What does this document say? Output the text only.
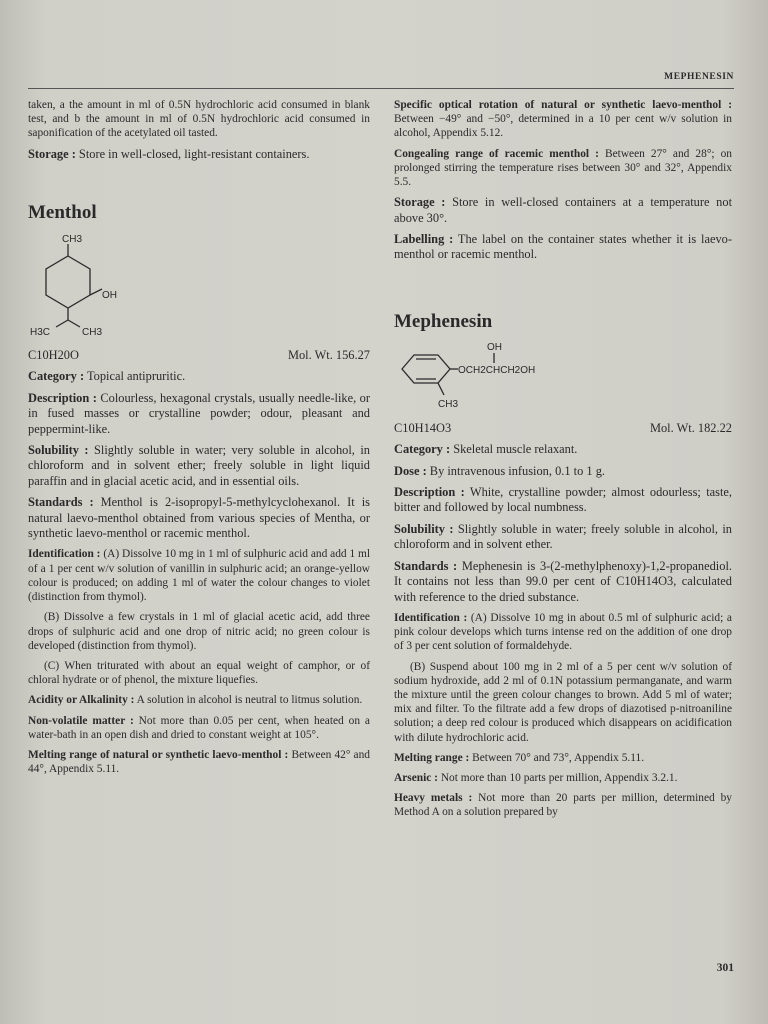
MEPHENESIN

taken, a the amount in ml of 0.5N hydrochloric acid consumed in blank test, and b the amount in ml of 0.5N hydrochloric acid consumed in saponification of the acetylated oil tasted.

Storage : Store in well-closed, light-resistant containers.

Menthol
CH3
OH
H3C	CH3
C10H20O	Mol. Wt. 156.27

Category : Topical antipruritic.

Description : Colourless, hexagonal crystals, usually needle-like, or in fused masses or crystalline powder; odour, pleasant and peppermint-like.

Solubility : Slightly soluble in water; very soluble in alcohol, in chloroform and in solvent ether; freely soluble in light liquid paraffin and in glacial acetic acid, and in essential oils.

Standards : Menthol is 2-isopropyl-5-methylcyclohexanol. It is natural laevo-menthol obtained from various species of Mentha, or synthetic laevo-menthol or racemic menthol.

Identification : (A) Dissolve 10 mg in 1 ml of sulphuric acid and add 1 ml of a 1 per cent w/v solution of vanillin in sulphuric acid; an orange-yellow colour is produced; on adding 1 ml of water the colour changes to violet (distinction from thymol).

(B) Dissolve a few crystals in 1 ml of glacial acetic acid, add three drops of sulphuric acid and one drop of nitric acid; no green colour is developed (distinction from thymol).

(C) When triturated with about an equal weight of camphor, or of chloral hydrate or of phenol, the mixture liquefies.

Acidity or Alkalinity : A solution in alcohol is neutral to litmus solution.

Non-volatile matter : Not more than 0.05 per cent, when heated on a water-bath in an open dish and dried to constant weight at 105°.

Melting range of natural or synthetic laevo-menthol : Between 42° and 44°, Appendix 5.11.

Specific optical rotation of natural or synthetic laevo-menthol : Between −49° and −50°, determined in a 10 per cent w/v solution in alcohol, Appendix 5.12.

Congealing range of racemic menthol : Between 27° and 28°; on prolonged stirring the temperature rises between 30° and 32°, Appendix 5.5.

Storage : Store in well-closed containers at a temperature not above 30°.

Labelling : The label on the container states whether it is laevo-menthol or racemic menthol.

Mephenesin
OH
OCH2CHCH2OH
CH3
C10H14O3	Mol. Wt. 182.22

Category : Skeletal muscle relaxant.

Dose : By intravenous infusion, 0.1 to 1 g.

Description : White, crystalline powder; almost odourless; taste, bitter and followed by local numbness.

Solubility : Slightly soluble in water; freely soluble in alcohol, in chloroform and in solvent ether.

Standards : Mephenesin is 3-(2-methylphenoxy)-1,2-propanediol. It contains not less than 99.0 per cent of C10H14O3, calculated with reference to the dried substance.

Identification : (A) Dissolve 10 mg in about 0.5 ml of sulphuric acid; a pink colour develops which turns intense red on the addition of one drop of 3 per cent solution of formaldehyde.

(B) Suspend about 100 mg in 2 ml of a 5 per cent w/v solution of sodium hydroxide, add 2 ml of 0.1N potassium permanganate, and warm the mixture until the green colour changes to brown. Add 5 ml of water; mix and filter. To the filtrate add a few drops of diazotised p-nitroaniline solution; a deep red colour is produced which disappears on acidification with dilute hydrochloric acid.

Melting range : Between 70° and 73°, Appendix 5.11.

Arsenic : Not more than 10 parts per million, Appendix 3.2.1.

Heavy metals : Not more than 20 parts per million, determined by Method A on a solution prepared by

301
